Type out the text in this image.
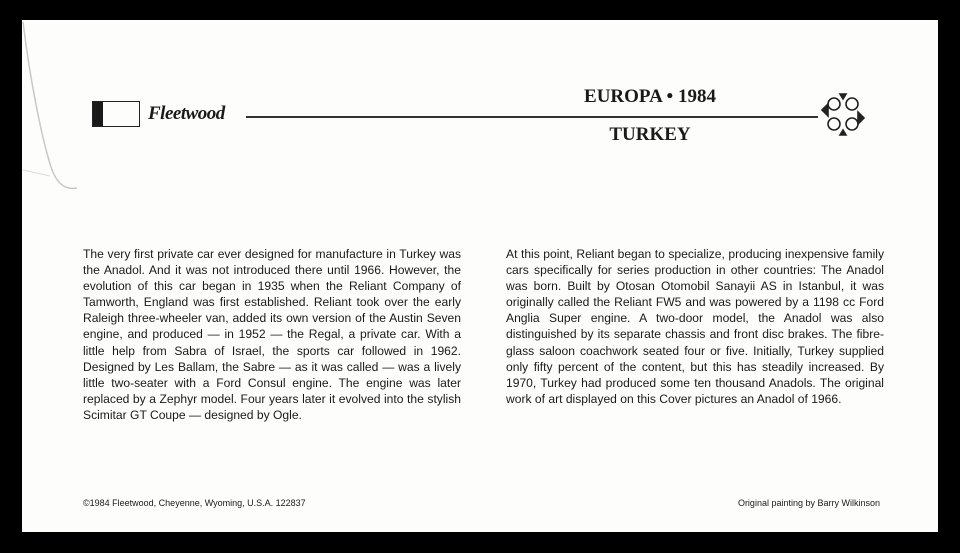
Fleetwood
EUROPA • 1984
TURKEY
The very first private car ever designed for manufacture in Turkey was the Anadol. And it was not introduced there until 1966. However, the evolution of this car began in 1935 when the Reliant Company of Tamworth, England was first established. Reliant took over the early Raleigh three-wheeler van, added its own version of the Austin Seven engine, and produced — in 1952 — the Regal, a private car. With a little help from Sabra of Israel, the sports car followed in 1962. Designed by Les Ballam, the Sabre — as it was called — was a lively little two-seater with a Ford Consul engine. The engine was later replaced by a Zephyr model. Four years later it evolved into the stylish Scimitar GT Coupe — designed by Ogle.
At this point, Reliant began to specialize, producing inexpensive family cars specifically for series production in other countries: The Anadol was born. Built by Otosan Otomobil Sanayii AS in Istanbul, it was originally called the Reliant FW5 and was powered by a 1198 cc Ford Anglia Super engine. A two-door model, the Anadol was also distinguished by its separate chassis and front disc brakes. The fibre-glass saloon coachwork seated four or five. Initially, Turkey supplied only fifty percent of the content, but this has steadily increased. By 1970, Turkey had produced some ten thousand Anadols. The original work of art displayed on this Cover pictures an Anadol of 1966.
©1984 Fleetwood, Cheyenne, Wyoming, U.S.A. 122837	Original painting by Barry Wilkinson
